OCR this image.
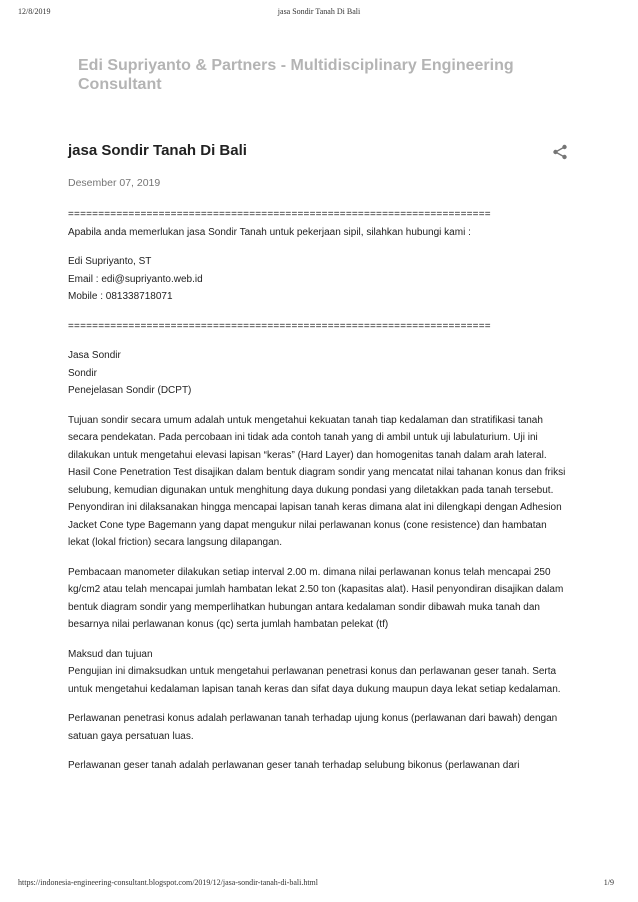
12/8/2019	jasa Sondir Tanah Di Bali
Edi Supriyanto & Partners - Multidisciplinary Engineering Consultant
jasa Sondir Tanah Di Bali
Desember 07, 2019
======================================================================

Apabila anda memerlukan jasa Sondir Tanah untuk pekerjaan sipil, silahkan hubungi kami :

Edi Supriyanto, ST
Email : edi@supriyanto.web.id
Mobile : 081338718071

======================================================================

Jasa Sondir
Sondir
Penejelasan Sondir (DCPT)

Tujuan sondir secara umum adalah untuk mengetahui kekuatan tanah tiap kedalaman dan stratifikasi tanah secara pendekatan. Pada percobaan ini tidak ada contoh tanah yang di ambil untuk uji labulaturium. Uji ini dilakukan untuk mengetahui elevasi lapisan “keras” (Hard Layer) dan homogenitas tanah dalam arah lateral. Hasil Cone Penetration Test disajikan dalam bentuk diagram sondir yang mencatat nilai tahanan konus dan friksi selubung, kemudian digunakan untuk menghitung daya dukung pondasi yang diletakkan pada tanah tersebut. Penyondiran ini dilaksanakan hingga mencapai lapisan tanah keras dimana alat ini dilengkapi dengan Adhesion Jacket Cone type Bagemann yang dapat mengukur nilai perlawanan konus (cone resistence) dan hambatan lekat (lokal friction) secara langsung dilapangan.

Pembacaan manometer dilakukan setiap interval 2.00 m. dimana nilai perlawanan konus telah mencapai 250 kg/cm2 atau telah mencapai jumlah hambatan lekat 2.50 ton (kapasitas alat). Hasil penyondiran disajikan dalam bentuk diagram sondir yang memperlihatkan hubungan antara kedalaman sondir dibawah muka tanah dan besarnya nilai perlawanan konus (qc) serta jumlah hambatan pelekat (tf)

Maksud dan tujuan
Pengujian ini dimaksudkan untuk mengetahui perlawanan penetrasi konus dan perlawanan geser tanah. Serta untuk mengetahui kedalaman lapisan tanah keras dan sifat daya dukung maupun daya lekat setiap kedalaman.

Perlawanan penetrasi konus adalah perlawanan tanah terhadap ujung konus (perlawanan dari bawah) dengan satuan gaya persatuan luas.

Perlawanan geser tanah adalah perlawanan geser tanah terhadap selubung bikonus (perlawanan dari

https://indonesia-engineering-consultant.blogspot.com/2019/12/jasa-sondir-tanah-di-bali.html	1/9
